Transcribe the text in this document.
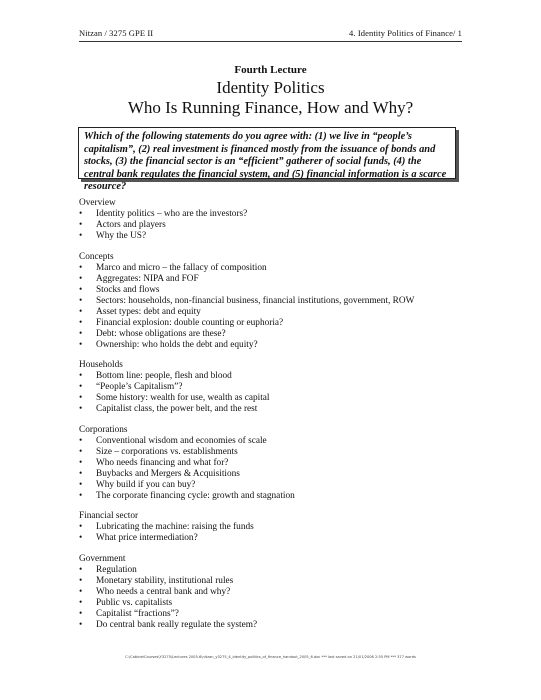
Nitzan / 3275 GPE II	4. Identity Politics of Finance/ 1
Fourth Lecture
Identity Politics
Who Is Running Finance, How and Why?
Which of the following statements do you agree with: (1) we live in “people’s capitalism”, (2) real investment is financed mostly from the issuance of bonds and stocks, (3) the financial sector is an “efficient” gatherer of social funds, (4) the central bank regulates the financial system, and (5) financial information is a scarce resource?
Overview
• Identity politics – who are the investors?
• Actors and players
• Why the US?
Concepts
• Marco and micro – the fallacy of composition
• Aggregates: NIPA and FOF
• Stocks and flows
• Sectors: households, non-financial business, financial institutions, government, ROW
• Asset types: debt and equity
• Financial explosion: double counting or euphoria?
• Debt: whose obligations are these?
• Ownership: who holds the debt and equity?
Households
• Bottom line: people, flesh and blood
• “People’s Capitalism”?
• Some history: wealth for use, wealth as capital
• Capitalist class, the power belt, and the rest
Corporations
• Conventional wisdom and economies of scale
• Size – corporations vs. establishments
• Who needs financing and what for?
• Buybacks and Mergers & Acquisitions
• Why build if you can buy?
• The corporate financing cycle: growth and stagnation
Financial sector
• Lubricating the machine: raising the funds
• What price intermediation?
Government
• Regulation
• Monetary stability, institutional rules
• Who needs a central bank and why?
• Public vs. capitalists
• Capitalist “fractions”?
• Do central bank really regulate the system?
C:\CabinetCourses\Y3275\Lectures 2005-6\nitzan_y3275_4_identity_politics_of_finance_handout_2005_6.doc *** last saved on 21/01/2006 2:55 PM *** 377 words
